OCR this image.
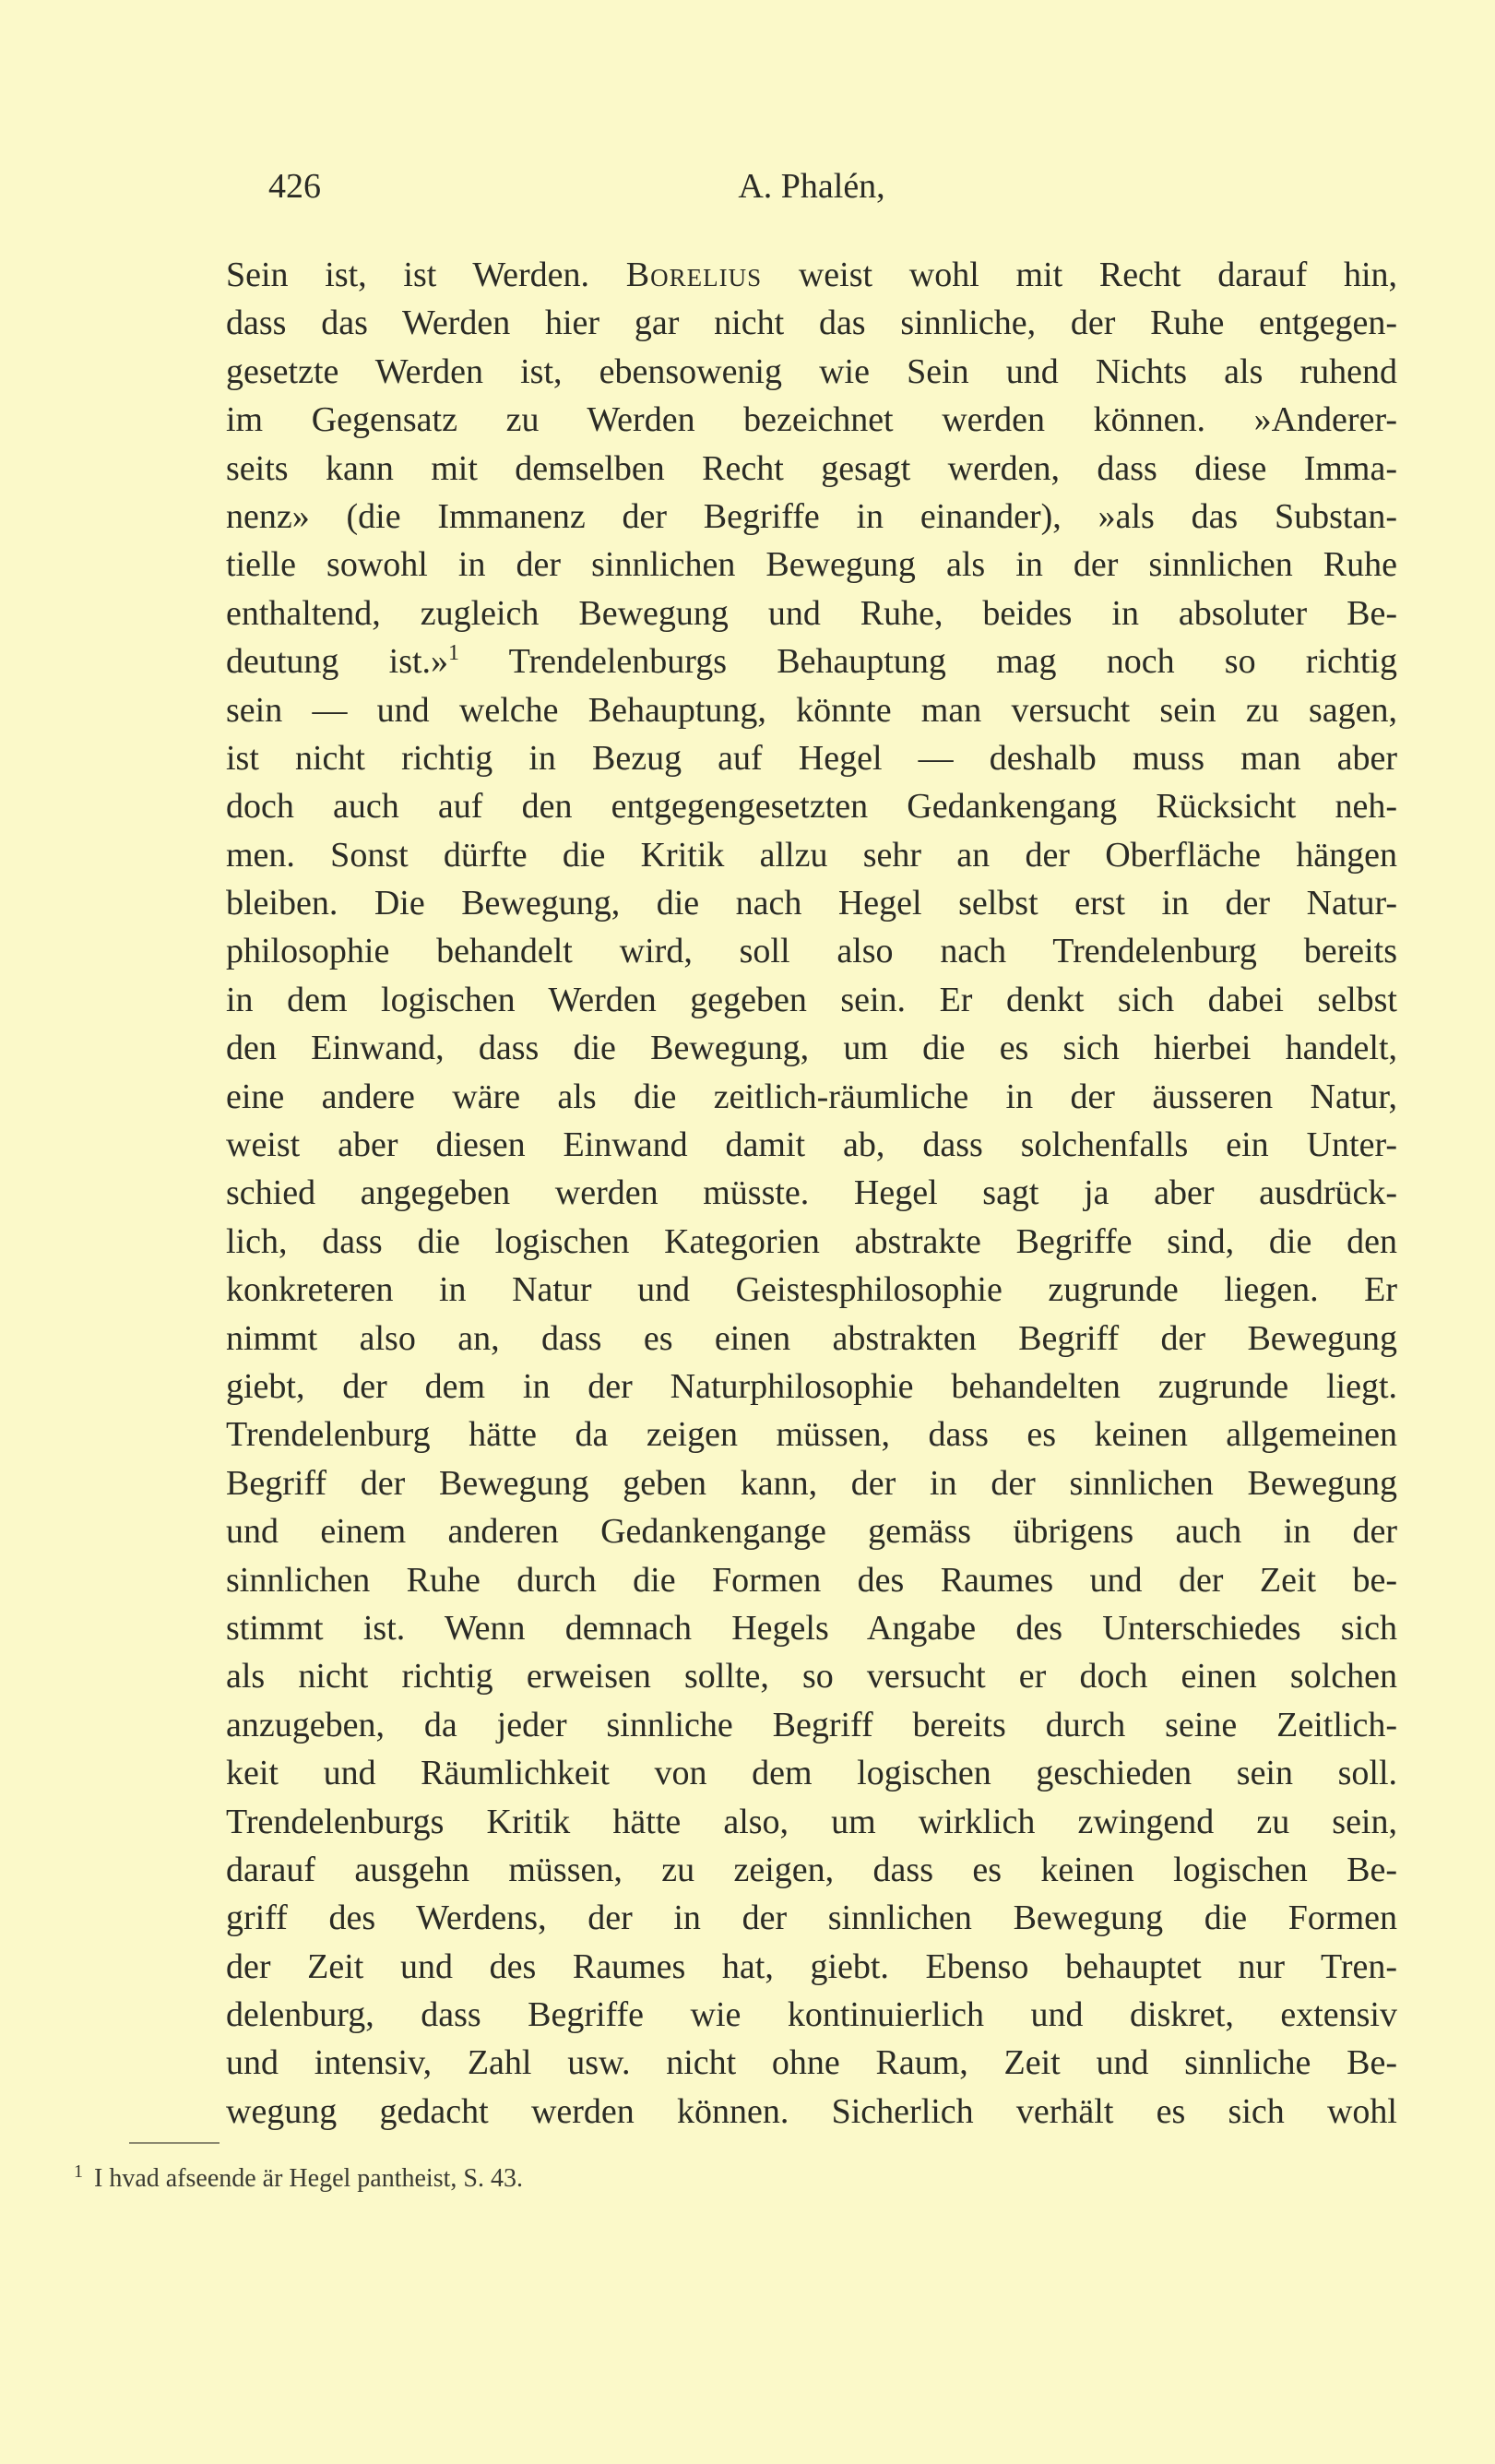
426	A. Phalén,
Sein ist, ist Werden. Borelius weist wohl mit Recht darauf hin,
dass das Werden hier gar nicht das sinnliche, der Ruhe entgegen-
gesetzte Werden ist, ebensowenig wie Sein und Nichts als ruhend
im Gegensatz zu Werden bezeichnet werden können. »Anderer-
seits kann mit demselben Recht gesagt werden, dass diese Imma-
nenz» (die Immanenz der Begriffe in einander), »als das Substan-
tielle sowohl in der sinnlichen Bewegung als in der sinnlichen Ruhe
enthaltend, zugleich Bewegung und Ruhe, beides in absoluter Be-
deutung ist.»$^1$ Trendelenburgs Behauptung mag noch so richtig
sein — und welche Behauptung, könnte man versucht sein zu sagen,
ist nicht richtig in Bezug auf Hegel — deshalb muss man aber
doch auch auf den entgegengesetzten Gedankengang Rücksicht neh-
men. Sonst dürfte die Kritik allzu sehr an der Oberfläche hängen
bleiben. Die Bewegung, die nach Hegel selbst erst in der Natur-
philosophie behandelt wird, soll also nach Trendelenburg bereits
in dem logischen Werden gegeben sein. Er denkt sich dabei selbst
den Einwand, dass die Bewegung, um die es sich hierbei handelt,
eine andere wäre als die zeitlich-räumliche in der äusseren Natur,
weist aber diesen Einwand damit ab, dass solchenfalls ein Unter-
schied angegeben werden müsste. Hegel sagt ja aber ausdrück-
lich, dass die logischen Kategorien abstrakte Begriffe sind, die den
konkreteren in Natur und Geistesphilosophie zugrunde liegen. Er
nimmt also an, dass es einen abstrakten Begriff der Bewegung
giebt, der dem in der Naturphilosophie behandelten zugrunde liegt.
Trendelenburg hätte da zeigen müssen, dass es keinen allgemeinen
Begriff der Bewegung geben kann, der in der sinnlichen Bewegung
und einem anderen Gedankengange gemäss übrigens auch in der
sinnlichen Ruhe durch die Formen des Raumes und der Zeit be-
stimmt ist. Wenn demnach Hegels Angabe des Unterschiedes sich
als nicht richtig erweisen sollte, so versucht er doch einen solchen
anzugeben, da jeder sinnliche Begriff bereits durch seine Zeitlich-
keit und Räumlichkeit von dem logischen geschieden sein soll.
Trendelenburgs Kritik hätte also, um wirklich zwingend zu sein,
darauf ausgehn müssen, zu zeigen, dass es keinen logischen Be-
griff des Werdens, der in der sinnlichen Bewegung die Formen
der Zeit und des Raumes hat, giebt. Ebenso behauptet nur Tren-
delenburg, dass Begriffe wie kontinuierlich und diskret, extensiv
und intensiv, Zahl usw. nicht ohne Raum, Zeit und sinnliche Be-
wegung gedacht werden können. Sicherlich verhält es sich wohl
$^1$ I hvad afseende är Hegel pantheist, S. 43.
